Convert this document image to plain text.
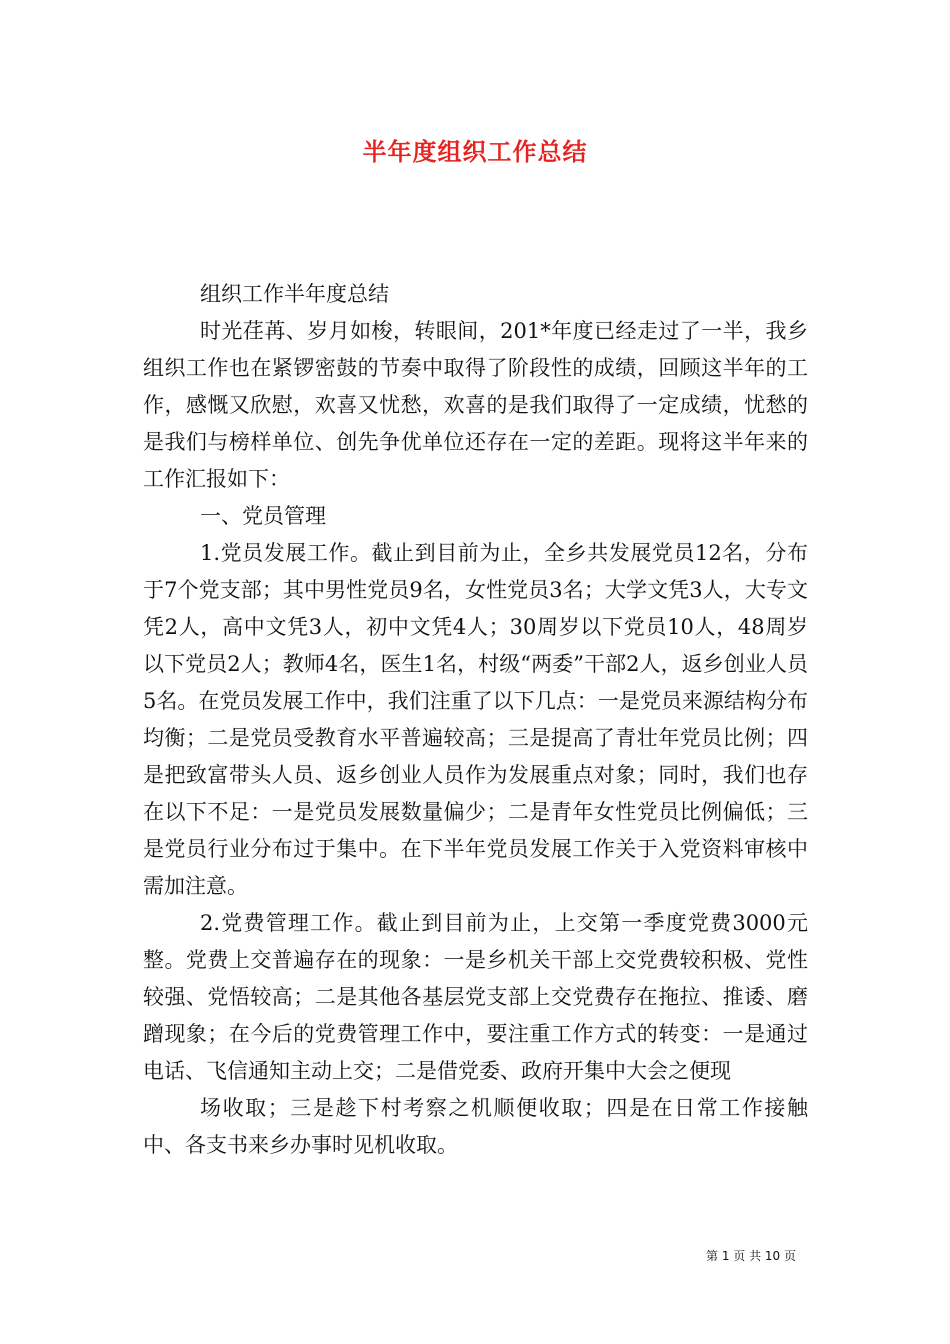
半年度组织工作总结

组织工作半年度总结

时光荏苒、岁月如梭，转眼间，201*年度已经走过了一半，我乡组织工作也在紧锣密鼓的节奏中取得了阶段性的成绩，回顾这半年的工作，感慨又欣慰，欢喜又忧愁，欢喜的是我们取得了一定成绩，忧愁的是我们与榜样单位、创先争优单位还存在一定的差距。现将这半年来的工作汇报如下：

一、党员管理

1.党员发展工作。截止到目前为止，全乡共发展党员12名，分布于7个党支部；其中男性党员9名，女性党员3名；大学文凭3人，大专文凭2人，高中文凭3人，初中文凭4人；30周岁以下党员10人，48周岁以下党员2人；教师4名，医生1名，村级“两委”干部2人，返乡创业人员5名。在党员发展工作中，我们注重了以下几点：一是党员来源结构分布均衡；二是党员受教育水平普遍较高；三是提高了青壮年党员比例；四是把致富带头人员、返乡创业人员作为发展重点对象；同时，我们也存在以下不足：一是党员发展数量偏少；二是青年女性党员比例偏低；三是党员行业分布过于集中。在下半年党员发展工作关于入党资料审核中需加注意。

2.党费管理工作。截止到目前为止，上交第一季度党费3000元整。党费上交普遍存在的现象：一是乡机关干部上交党费较积极、党性较强、党悟较高；二是其他各基层党支部上交党费存在拖拉、推诿、磨蹭现象；在今后的党费管理工作中，要注重工作方式的转变：一是通过电话、飞信通知主动上交；二是借党委、政府开集中大会之便现

场收取；三是趁下村考察之机顺便收取；四是在日常工作接触中、各支书来乡办事时见机收取。

第 1 页 共 10 页
